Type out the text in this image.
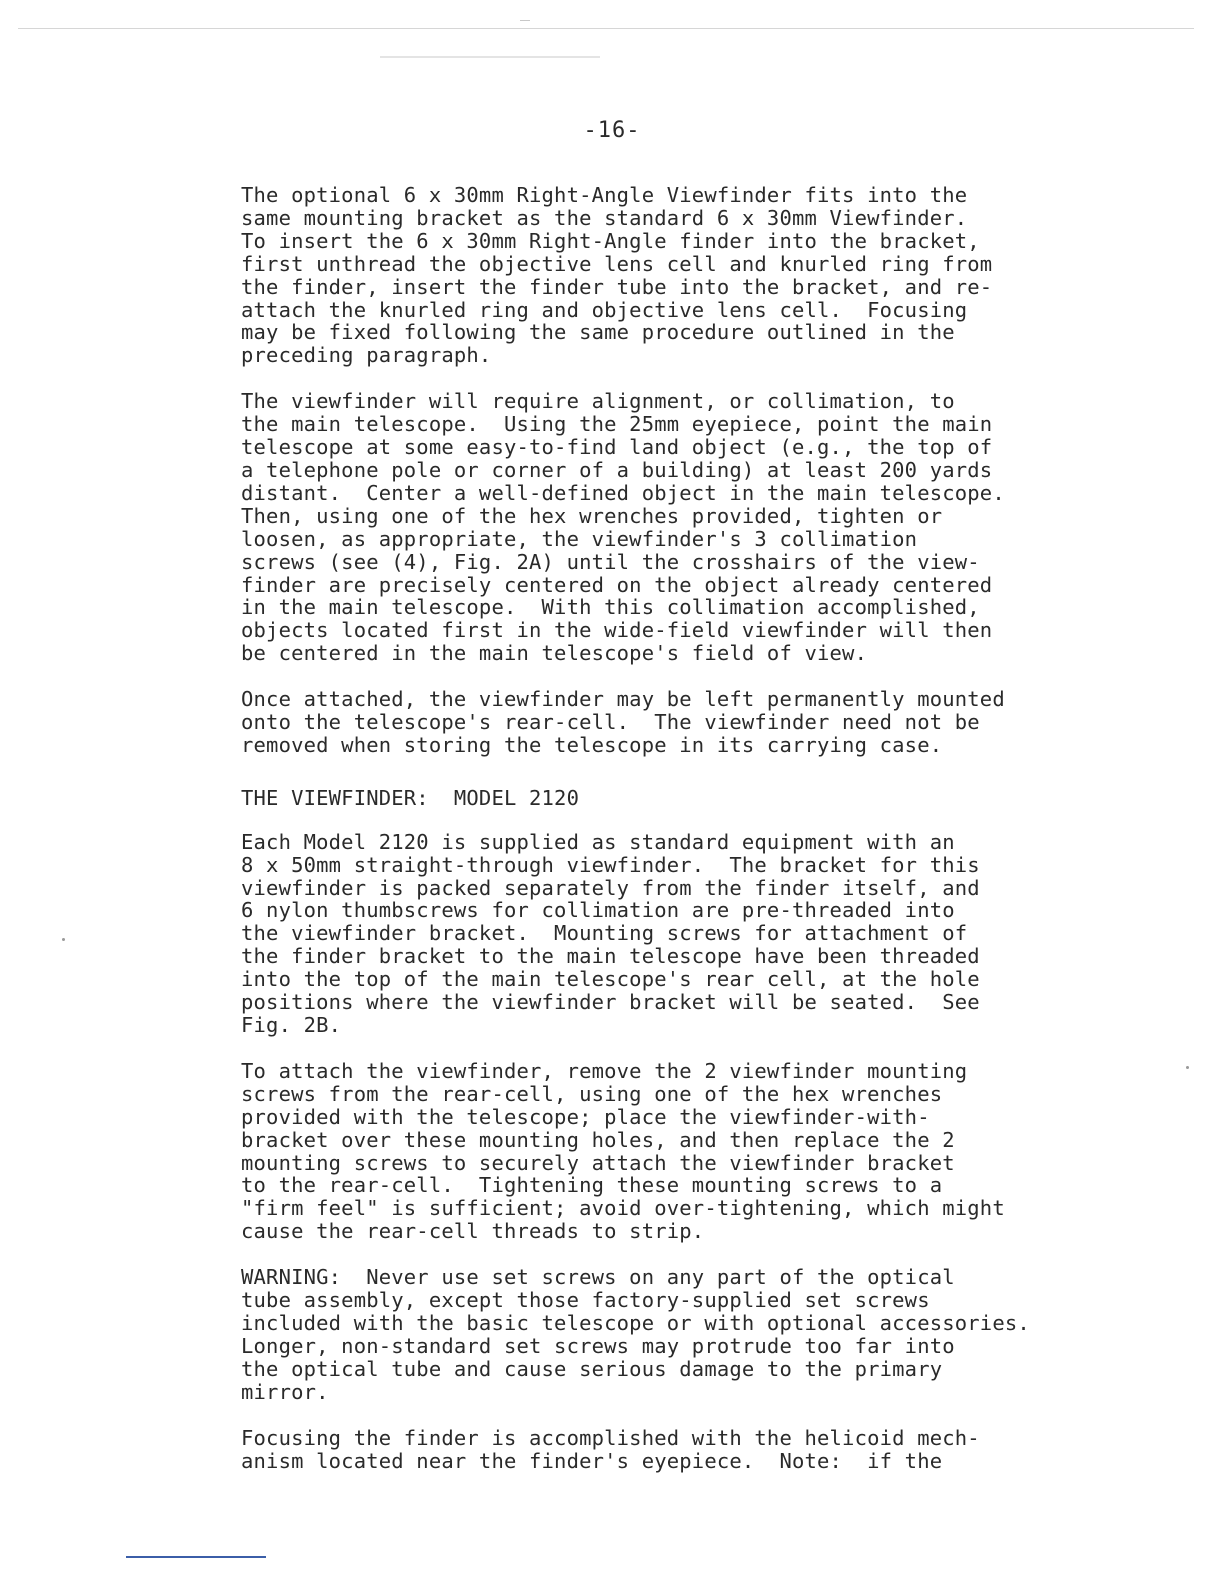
-16-

The optional 6 x 30mm Right-Angle Viewfinder fits into the
same mounting bracket as the standard 6 x 30mm Viewfinder.
To insert the 6 x 30mm Right-Angle finder into the bracket,
first unthread the objective lens cell and knurled ring from
the finder, insert the finder tube into the bracket, and re-
attach the knurled ring and objective lens cell.  Focusing
may be fixed following the same procedure outlined in the
preceding paragraph.

The viewfinder will require alignment, or collimation, to
the main telescope.  Using the 25mm eyepiece, point the main
telescope at some easy-to-find land object (e.g., the top of
a telephone pole or corner of a building) at least 200 yards
distant.  Center a well-defined object in the main telescope.
Then, using one of the hex wrenches provided, tighten or
loosen, as appropriate, the viewfinder's 3 collimation
screws (see (4), Fig. 2A) until the crosshairs of the view-
finder are precisely centered on the object already centered
in the main telescope.  With this collimation accomplished,
objects located first in the wide-field viewfinder will then
be centered in the main telescope's field of view.

Once attached, the viewfinder may be left permanently mounted
onto the telescope's rear-cell.  The viewfinder need not be
removed when storing the telescope in its carrying case.

THE VIEWFINDER:  MODEL 2120

Each Model 2120 is supplied as standard equipment with an
8 x 50mm straight-through viewfinder.  The bracket for this
viewfinder is packed separately from the finder itself, and
6 nylon thumbscrews for collimation are pre-threaded into
the viewfinder bracket.  Mounting screws for attachment of
the finder bracket to the main telescope have been threaded
into the top of the main telescope's rear cell, at the hole
positions where the viewfinder bracket will be seated.  See
Fig. 2B.

To attach the viewfinder, remove the 2 viewfinder mounting
screws from the rear-cell, using one of the hex wrenches
provided with the telescope; place the viewfinder-with-
bracket over these mounting holes, and then replace the 2
mounting screws to securely attach the viewfinder bracket
to the rear-cell.  Tightening these mounting screws to a
"firm feel" is sufficient; avoid over-tightening, which might
cause the rear-cell threads to strip.

WARNING:  Never use set screws on any part of the optical
tube assembly, except those factory-supplied set screws
included with the basic telescope or with optional accessories.
Longer, non-standard set screws may protrude too far into
the optical tube and cause serious damage to the primary
mirror.

Focusing the finder is accomplished with the helicoid mech-
anism located near the finder's eyepiece.  Note:  if the
